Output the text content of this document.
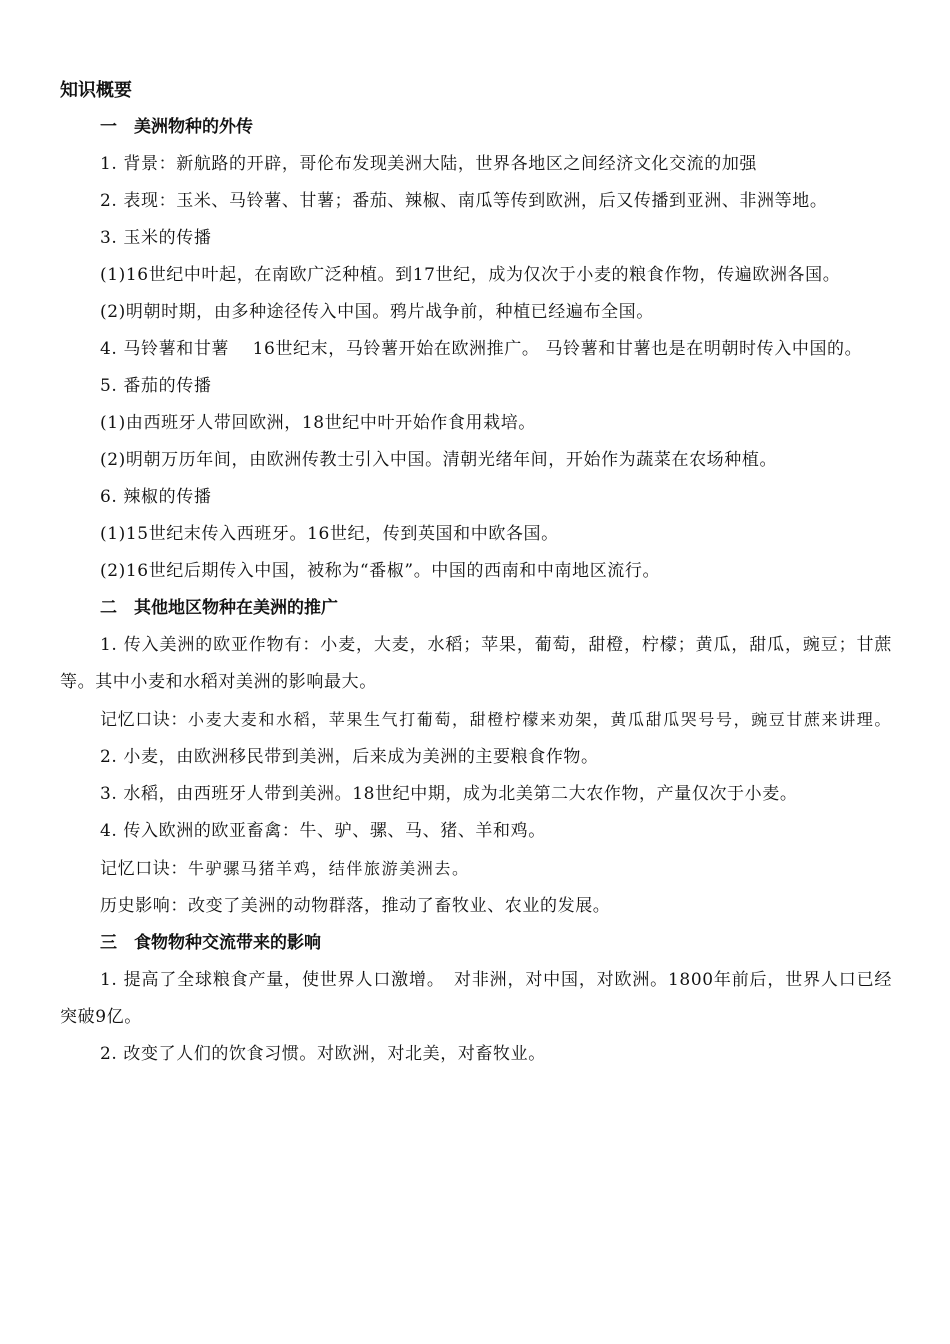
知识概要

一　美洲物种的外传

1. 背景：新航路的开辟，哥伦布发现美洲大陆，世界各地区之间经济文化交流的加强

2. 表现：玉米、马铃薯、甘薯；番茄、辣椒、南瓜等传到欧洲，后又传播到亚洲、非洲等地。

3. 玉米的传播

(1)16世纪中叶起，在南欧广泛种植。到17世纪，成为仅次于小麦的粮食作物，传遍欧洲各国。

(2)明朝时期，由多种途径传入中国。鸦片战争前，种植已经遍布全国。

4. 马铃薯和甘薯　 16世纪末，马铃薯开始在欧洲推广。 马铃薯和甘薯也是在明朝时传入中国的。

5. 番茄的传播

(1)由西班牙人带回欧洲，18世纪中叶开始作食用栽培。

(2)明朝万历年间，由欧洲传教士引入中国。清朝光绪年间，开始作为蔬菜在农场种植。

6. 辣椒的传播

(1)15世纪末传入西班牙。16世纪，传到英国和中欧各国。

(2)16世纪后期传入中国，被称为“番椒”。中国的西南和中南地区流行。

二　其他地区物种在美洲的推广

1. 传入美洲的欧亚作物有：小麦，大麦，水稻；苹果，葡萄，甜橙，柠檬；黄瓜，甜瓜，豌豆；甘蔗等。其中小麦和水稻对美洲的影响最大。

记忆口诀：小麦大麦和水稻，苹果生气打葡萄，甜橙柠檬来劝架，黄瓜甜瓜哭号号，豌豆甘蔗来讲理。

2. 小麦，由欧洲移民带到美洲，后来成为美洲的主要粮食作物。

3. 水稻，由西班牙人带到美洲。18世纪中期，成为北美第二大农作物，产量仅次于小麦。

4. 传入欧洲的欧亚畜禽：牛、驴、骡、马、猪、羊和鸡。

记忆口诀：牛驴骡马猪羊鸡，结伴旅游美洲去。

历史影响：改变了美洲的动物群落，推动了畜牧业、农业的发展。

三　食物物种交流带来的影响

1. 提高了全球粮食产量，使世界人口激增。　对非洲，对中国，对欧洲。1800年前后，世界人口已经突破9亿。

2. 改变了人们的饮食习惯。对欧洲，对北美，对畜牧业。
